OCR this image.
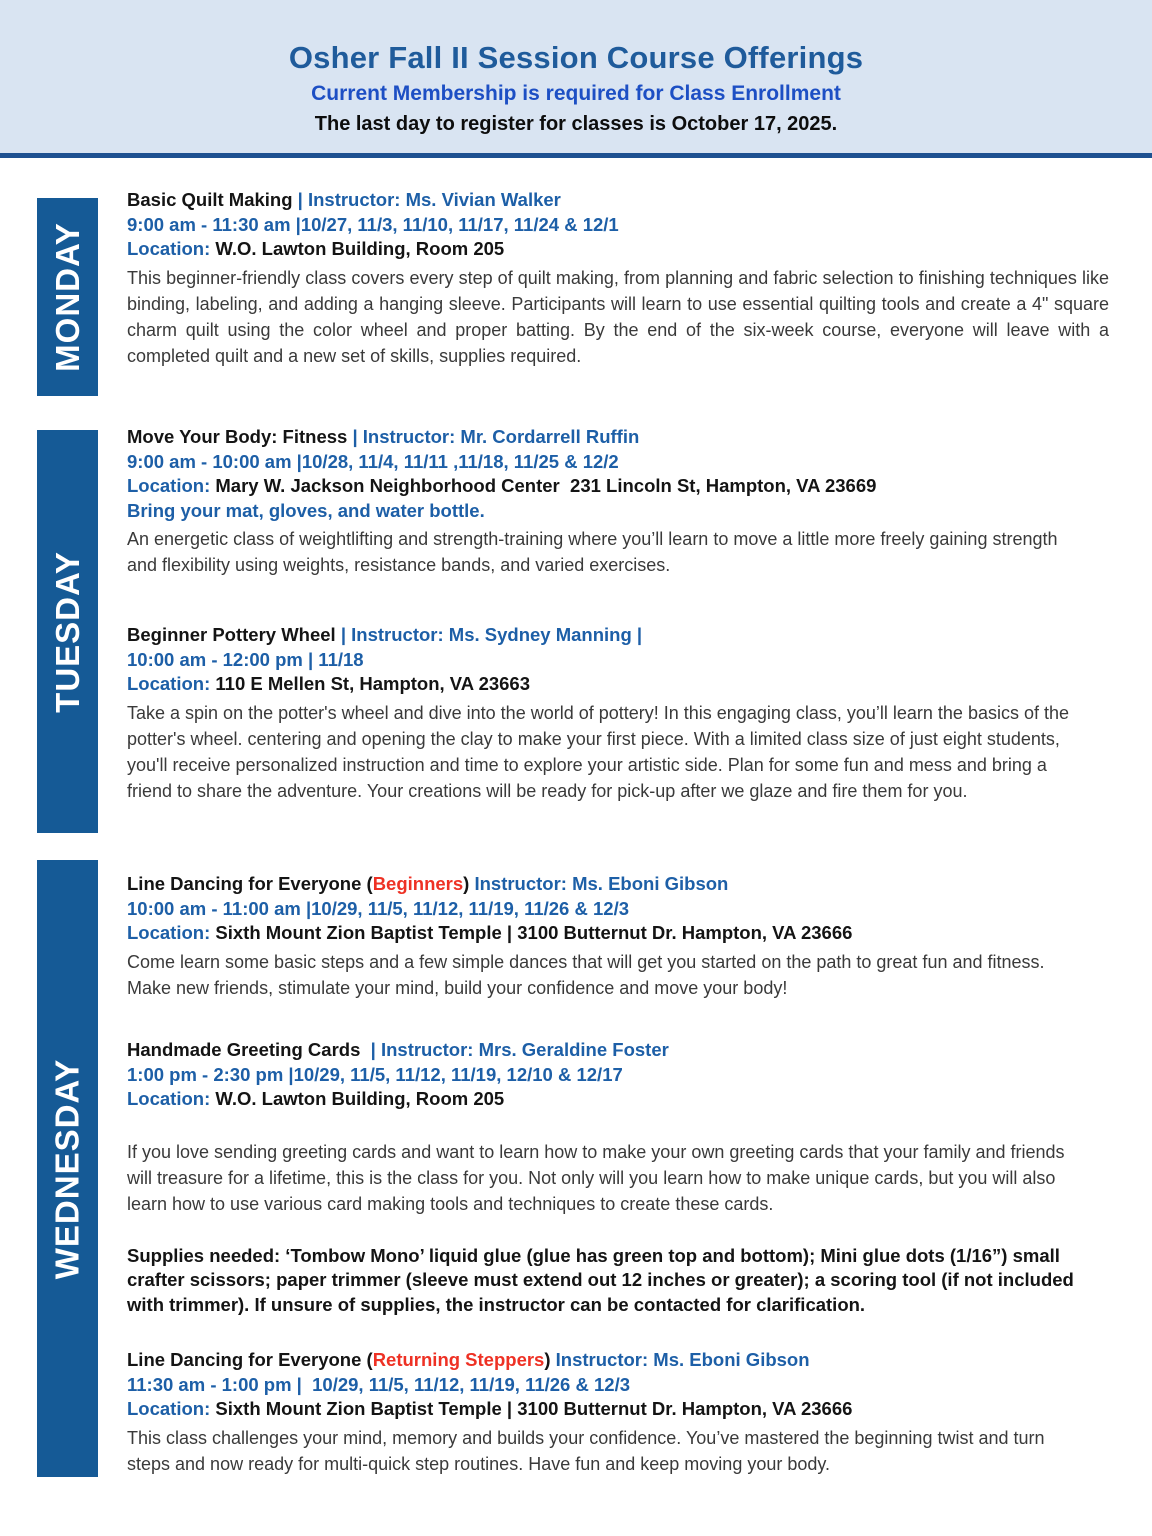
Osher Fall II Session Course Offerings
Current Membership is required for Class Enrollment
The last day to register for classes is October 17, 2025.
MONDAY
TUESDAY
WEDNESDAY
Basic Quilt Making | Instructor: Ms. Vivian Walker
9:00 am - 11:30 am |10/27, 11/3, 11/10, 11/17, 11/24 & 12/1
Location: W.O. Lawton Building, Room 205

This beginner-friendly class covers every step of quilt making, from planning and fabric selection to finishing techniques like binding, labeling, and adding a hanging sleeve. Participants will learn to use essential quilting tools and create a 4" square charm quilt using the color wheel and proper batting. By the end of the six-week course, everyone will leave with a completed quilt and a new set of skills, supplies required.

Move Your Body: Fitness | Instructor: Mr. Cordarrell Ruffin
9:00 am - 10:00 am |10/28, 11/4, 11/11 ,11/18, 11/25 & 12/2
Location: Mary W. Jackson Neighborhood Center  231 Lincoln St, Hampton, VA 23669
Bring your mat, gloves, and water bottle.

An energetic class of weightlifting and strength-training where you’ll learn to move a little more freely gaining strength and flexibility using weights, resistance bands, and varied exercises.

Beginner Pottery Wheel | Instructor: Ms. Sydney Manning |
10:00 am - 12:00 pm | 11/18
Location: 110 E Mellen St, Hampton, VA 23663

Take a spin on the potter's wheel and dive into the world of pottery! In this engaging class, you’ll learn the basics of the potter's wheel. centering and opening the clay to make your first piece. With a limited class size of just eight students, you'll receive personalized instruction and time to explore your artistic side. Plan for some fun and mess and bring a friend to share the adventure. Your creations will be ready for pick-up after we glaze and fire them for you.

Line Dancing for Everyone (Beginners) Instructor: Ms. Eboni Gibson
10:00 am - 11:00 am |10/29, 11/5, 11/12, 11/19, 11/26 & 12/3
Location: Sixth Mount Zion Baptist Temple | 3100 Butternut Dr. Hampton, VA 23666

Come learn some basic steps and a few simple dances that will get you started on the path to great fun and fitness. Make new friends, stimulate your mind, build your confidence and move your body!

Handmade Greeting Cards  | Instructor: Mrs. Geraldine Foster
1:00 pm - 2:30 pm |10/29, 11/5, 11/12, 11/19, 12/10 & 12/17
Location: W.O. Lawton Building, Room 205

If you love sending greeting cards and want to learn how to make your own greeting cards that your family and friends will treasure for a lifetime, this is the class for you. Not only will you learn how to make unique cards, but you will also learn how to use various card making tools and techniques to create these cards.

Supplies needed: ‘Tombow Mono’ liquid glue (glue has green top and bottom); Mini glue dots (1/16”) small crafter scissors; paper trimmer (sleeve must extend out 12 inches or greater); a scoring tool (if not included with trimmer). If unsure of supplies, the instructor can be contacted for clarification.

Line Dancing for Everyone (Returning Steppers) Instructor: Ms. Eboni Gibson
11:30 am - 1:00 pm |  10/29, 11/5, 11/12, 11/19, 11/26 & 12/3
Location: Sixth Mount Zion Baptist Temple | 3100 Butternut Dr. Hampton, VA 23666

This class challenges your mind, memory and builds your confidence. You’ve mastered the beginning twist and turn steps and now ready for multi-quick step routines. Have fun and keep moving your body.
